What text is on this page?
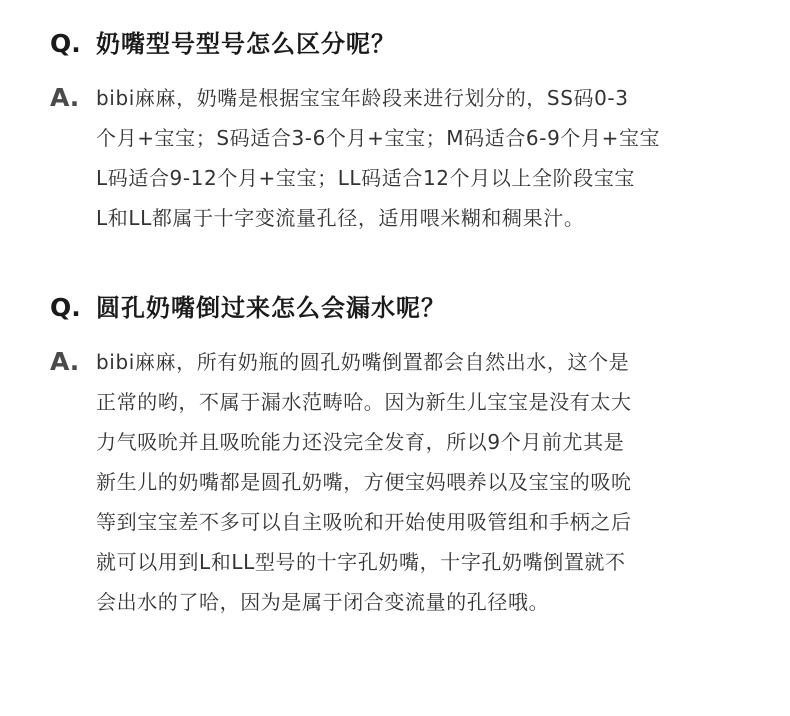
Q. 奶嘴型号型号怎么区分呢？
A. bibi麻麻，奶嘴是根据宝宝年龄段来进行划分的，SS码0-3
个月+宝宝；S码适合3-6个月+宝宝；M码适合6-9个月+宝宝
L码适合9-12个月+宝宝；LL码适合12个月以上全阶段宝宝
L和LL都属于十字变流量孔径，适用喂米糊和稠果汁。
Q. 圆孔奶嘴倒过来怎么会漏水呢？
A. bibi麻麻，所有奶瓶的圆孔奶嘴倒置都会自然出水，这个是
正常的哟，不属于漏水范畴哈。因为新生儿宝宝是没有太大
力气吸吮并且吸吮能力还没完全发育，所以9个月前尤其是
新生儿的奶嘴都是圆孔奶嘴，方便宝妈喂养以及宝宝的吸吮
等到宝宝差不多可以自主吸吮和开始使用吸管组和手柄之后
就可以用到L和LL型号的十字孔奶嘴，十字孔奶嘴倒置就不
会出水的了哈，因为是属于闭合变流量的孔径哦。
